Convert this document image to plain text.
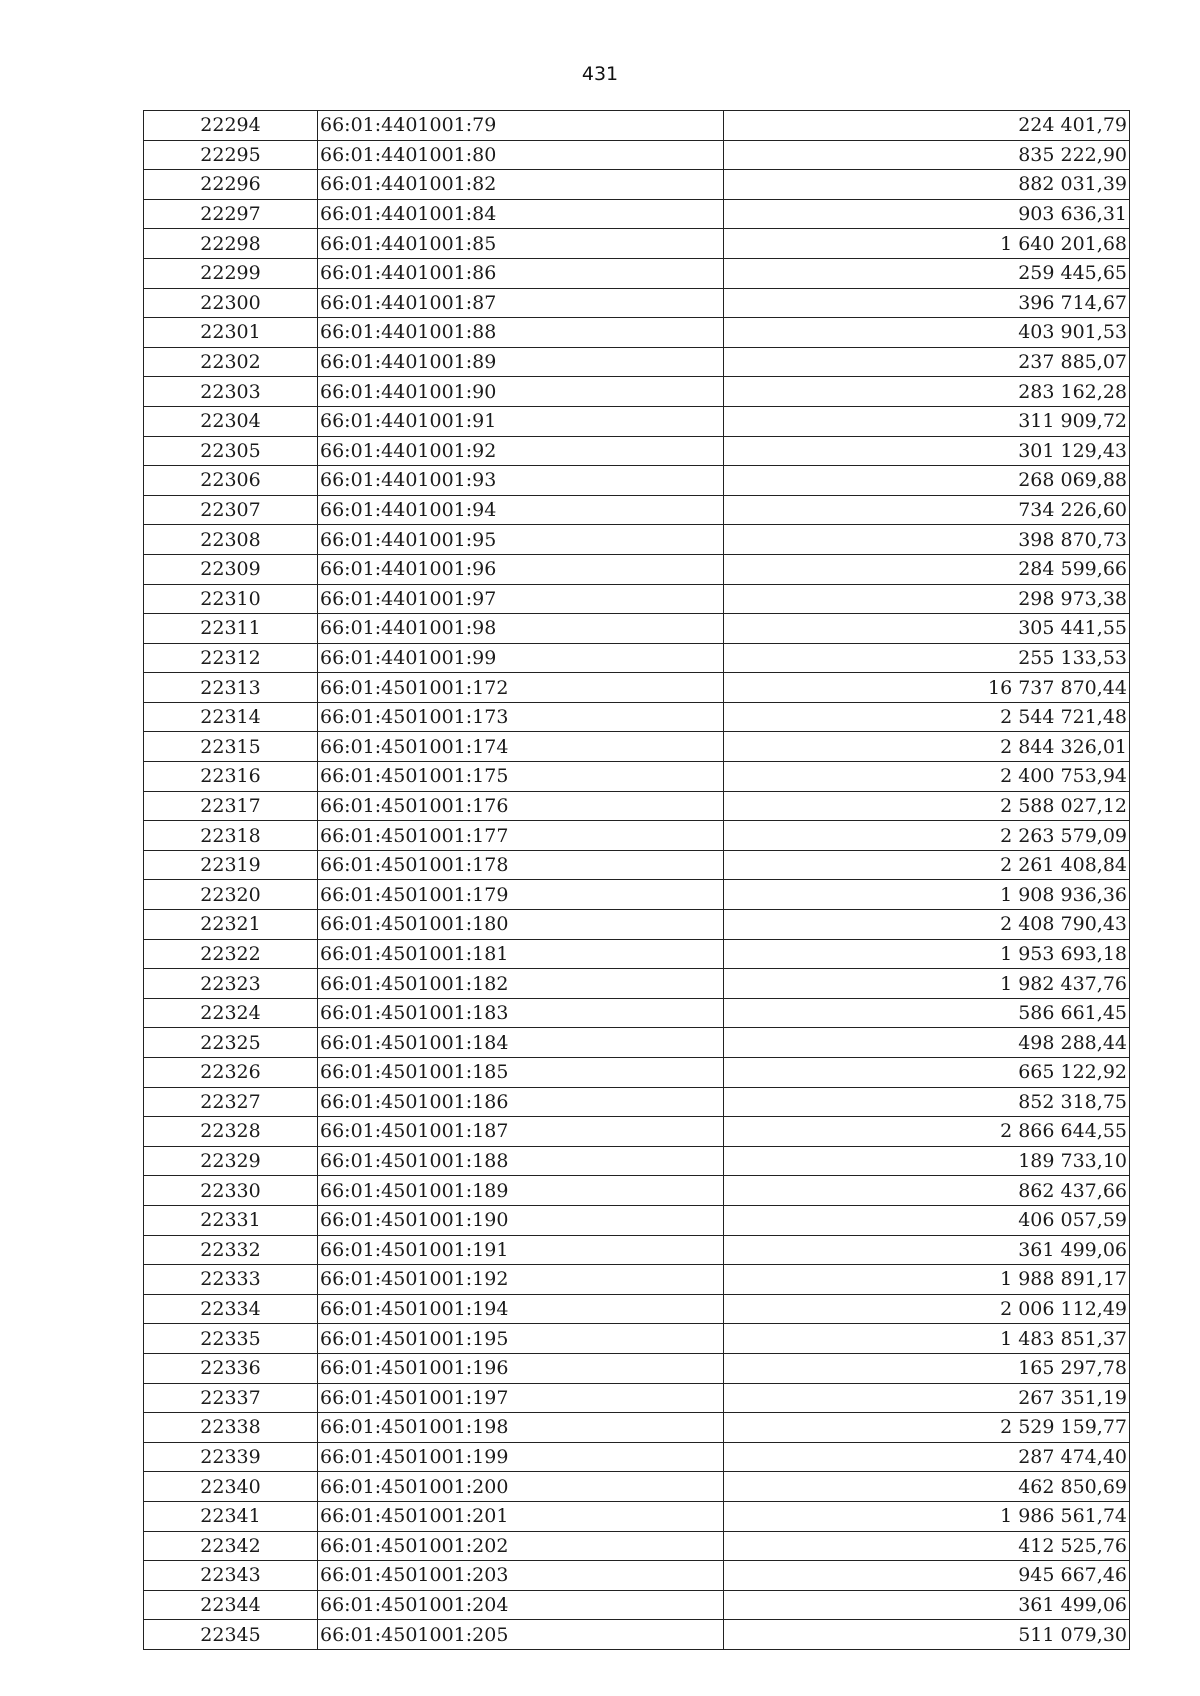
431
22294	66:01:4401001:79	224 401,79
22295	66:01:4401001:80	835 222,90
22296	66:01:4401001:82	882 031,39
22297	66:01:4401001:84	903 636,31
22298	66:01:4401001:85	1 640 201,68
22299	66:01:4401001:86	259 445,65
22300	66:01:4401001:87	396 714,67
22301	66:01:4401001:88	403 901,53
22302	66:01:4401001:89	237 885,07
22303	66:01:4401001:90	283 162,28
22304	66:01:4401001:91	311 909,72
22305	66:01:4401001:92	301 129,43
22306	66:01:4401001:93	268 069,88
22307	66:01:4401001:94	734 226,60
22308	66:01:4401001:95	398 870,73
22309	66:01:4401001:96	284 599,66
22310	66:01:4401001:97	298 973,38
22311	66:01:4401001:98	305 441,55
22312	66:01:4401001:99	255 133,53
22313	66:01:4501001:172	16 737 870,44
22314	66:01:4501001:173	2 544 721,48
22315	66:01:4501001:174	2 844 326,01
22316	66:01:4501001:175	2 400 753,94
22317	66:01:4501001:176	2 588 027,12
22318	66:01:4501001:177	2 263 579,09
22319	66:01:4501001:178	2 261 408,84
22320	66:01:4501001:179	1 908 936,36
22321	66:01:4501001:180	2 408 790,43
22322	66:01:4501001:181	1 953 693,18
22323	66:01:4501001:182	1 982 437,76
22324	66:01:4501001:183	586 661,45
22325	66:01:4501001:184	498 288,44
22326	66:01:4501001:185	665 122,92
22327	66:01:4501001:186	852 318,75
22328	66:01:4501001:187	2 866 644,55
22329	66:01:4501001:188	189 733,10
22330	66:01:4501001:189	862 437,66
22331	66:01:4501001:190	406 057,59
22332	66:01:4501001:191	361 499,06
22333	66:01:4501001:192	1 988 891,17
22334	66:01:4501001:194	2 006 112,49
22335	66:01:4501001:195	1 483 851,37
22336	66:01:4501001:196	165 297,78
22337	66:01:4501001:197	267 351,19
22338	66:01:4501001:198	2 529 159,77
22339	66:01:4501001:199	287 474,40
22340	66:01:4501001:200	462 850,69
22341	66:01:4501001:201	1 986 561,74
22342	66:01:4501001:202	412 525,76
22343	66:01:4501001:203	945 667,46
22344	66:01:4501001:204	361 499,06
22345	66:01:4501001:205	511 079,30
